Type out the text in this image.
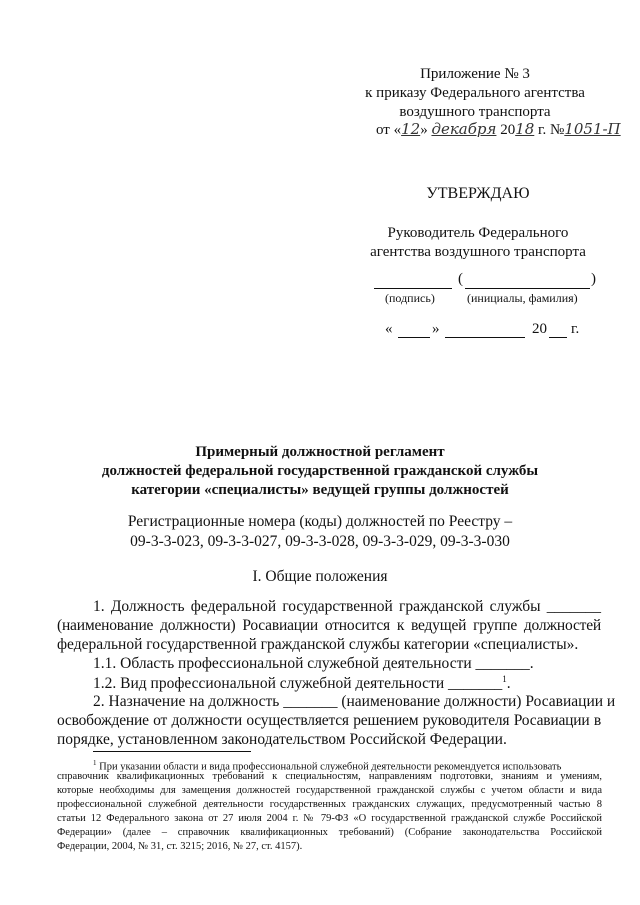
Приложение № 3
к приказу Федерального агентства
воздушного транспорта
от «12» декабря 2018 г. №1051-П
УТВЕРЖДАЮ
Руководитель Федерального
агентства воздушного транспорта
(	)
(подпись)	(инициалы, фамилия)
«	»	20 г.
Примерный должностной регламент
должностей федеральной государственной гражданской службы
категории «специалисты» ведущей группы должностей
Регистрационные номера (коды) должностей по Реестру –
09-3-3-023, 09-3-3-027, 09-3-3-028, 09-3-3-029, 09-3-3-030
I. Общие положения
1. Должность федеральной государственной гражданской службы _______
(наименование должности) Росавиации относится к ведущей группе должностей
федеральной государственной гражданской службы категории «специалисты».
1.1. Область профессиональной служебной деятельности _______.
1.2. Вид профессиональной служебной деятельности _______$^1$.
2. Назначение на должность _______ (наименование должности) Росавиации и
освобождение от должности осуществляется решением руководителя Росавиации в
порядке, установленном законодательством Российской Федерации.
$^1$ При указании области и вида профессиональной служебной деятельности рекомендуется использовать
справочник квалификационных требований к специальностям, направлениям подготовки, знаниям и умениям,
которые необходимы для замещения должностей государственной гражданской службы с учетом области и вида
профессиональной служебной деятельности государственных гражданских служащих, предусмотренный частью 8
статьи 12 Федерального закона от 27 июля 2004 г. № 79-ФЗ «О государственной гражданской службе Российской
Федерации» (далее – справочник квалификационных требований) (Собрание законодательства Российской
Федерации, 2004, № 31, ст. 3215; 2016, № 27, ст. 4157).
